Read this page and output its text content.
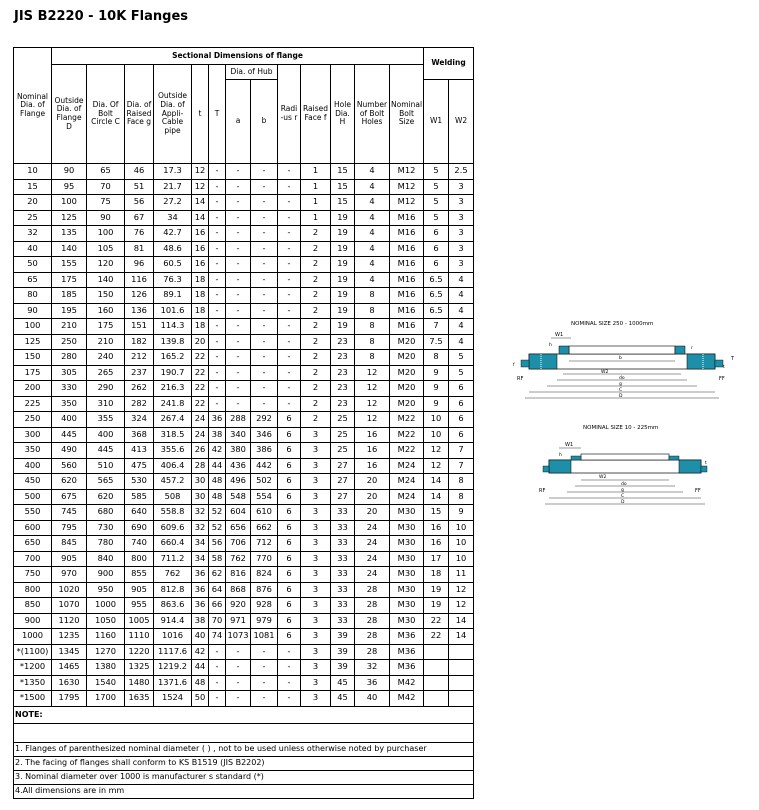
JIS B2220 - 10K Flanges
Nominal Dia. of Flange	Sectional Dimensions of flange													Welding	
	Outside Dia. of Flange D	Dia. Of Bolt Circle C	Dia. of Raised Face g	Outside Dia. of Appli-Cable pipe	t	T	Dia. of Hub		Radi -us r	Raised Face f	Hole Dia. H	Number of Bolt Holes	Nominal Bolt Size		
							a	b						W1	W2
10	90	65	46	17.3	12	-	-	-	-	1	15	4	M12	5	2.5
15	95	70	51	21.7	12	-	-	-	-	1	15	4	M12	5	3
20	100	75	56	27.2	14	-	-	-	-	1	15	4	M12	5	3
25	125	90	67	34	14	-	-	-	-	1	19	4	M16	5	3
32	135	100	76	42.7	16	-	-	-	-	2	19	4	M16	6	3
40	140	105	81	48.6	16	-	-	-	-	2	19	4	M16	6	3
50	155	120	96	60.5	16	-	-	-	-	2	19	4	M16	6	3
65	175	140	116	76.3	18	-	-	-	-	2	19	4	M16	6.5	4
80	185	150	126	89.1	18	-	-	-	-	2	19	8	M16	6.5	4
90	195	160	136	101.6	18	-	-	-	-	2	19	8	M16	6.5	4
100	210	175	151	114.3	18	-	-	-	-	2	19	8	M16	7	4
125	250	210	182	139.8	20	-	-	-	-	2	23	8	M20	7.5	4
150	280	240	212	165.2	22	-	-	-	-	2	23	8	M20	8	5
175	305	265	237	190.7	22	-	-	-	-	2	23	12	M20	9	5
200	330	290	262	216.3	22	-	-	-	-	2	23	12	M20	9	6
225	350	310	282	241.8	22	-	-	-	-	2	23	12	M20	9	6
250	400	355	324	267.4	24	36	288	292	6	2	25	12	M22	10	6
300	445	400	368	318.5	24	38	340	346	6	3	25	16	M22	10	6
350	490	445	413	355.6	26	42	380	386	6	3	25	16	M22	12	7
400	560	510	475	406.4	28	44	436	442	6	3	27	16	M24	12	7
450	620	565	530	457.2	30	48	496	502	6	3	27	20	M24	14	8
500	675	620	585	508	30	48	548	554	6	3	27	20	M24	14	8
550	745	680	640	558.8	32	52	604	610	6	3	33	20	M30	15	9
600	795	730	690	609.6	32	52	656	662	6	3	33	24	M30	16	10
650	845	780	740	660.4	34	56	706	712	6	3	33	24	M30	16	10
700	905	840	800	711.2	34	58	762	770	6	3	33	24	M30	17	10
750	970	900	855	762	36	62	816	824	6	3	33	24	M30	18	11
800	1020	950	905	812.8	36	64	868	876	6	3	33	28	M30	19	12
850	1070	1000	955	863.6	36	66	920	928	6	3	33	28	M30	19	12
900	1120	1050	1005	914.4	38	70	971	979	6	3	33	28	M30	22	14
1000	1235	1160	1110	1016	40	74	1073	1081	6	3	39	28	M36	22	14
*(1100)	1345	1270	1220	1117.6	42	-	-	-	-	3	39	28	M36		
*1200	1465	1380	1325	1219.2	44	-	-	-	-	3	39	32	M36		
*1350	1630	1540	1480	1371.6	48	-	-	-	-	3	45	36	M42		
*1500	1795	1700	1635	1524	50	-	-	-	-	3	45	40	M42		
NOTE:															

1. Flanges of parenthesized nominal diameter ( ) , not to be used unless otherwise noted by purchaser															
2. The facing of flanges shall conform to KS B1519 (JIS B2202)															
3. Nominal diameter over 1000 is manufacturer s standard (*)															
4.All dimensions are in mm															
NOMINAL SIZE 250 - 1000mm
W1
h
T
t
r
b
W2
do
g
C
D
RF	FF
f
NOMINAL SIZE 10 - 225mm
W1
h
t
W2
do
g
C
D
RF	FF
